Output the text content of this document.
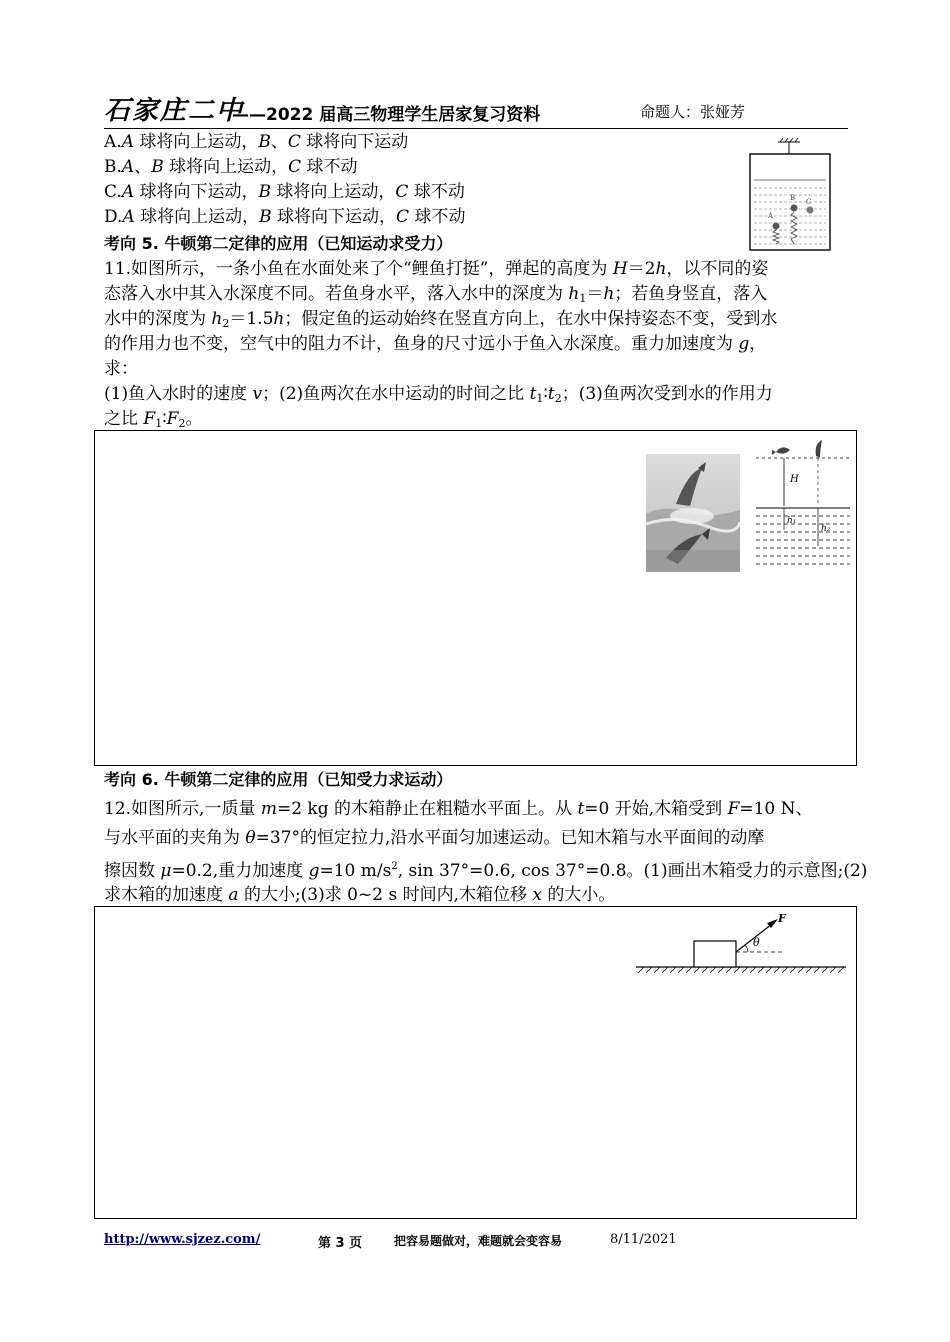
石家庄二中
——2022 届高三物理学生居家复习资料	命题人：张娅芳
A.A 球将向上运动，B、C 球将向下运动
B.A、B 球将向上运动，C 球不动
C.A 球将向下运动，B 球将向上运动，C 球不动
D.A 球将向上运动，B 球将向下运动，C 球不动	A
B C
考向 5. 牛顿第二定律的应用（已知运动求受力）
11.如图所示，一条小鱼在水面处来了个“鲤鱼打挺”，弹起的高度为 H＝2h，以不同的姿
态落入水中其入水深度不同。若鱼身水平，落入水中的深度为 $h_1=h$；若鱼身竖直，落入
水中的深度为 $h_2=1.5h$；假定鱼的运动始终在竖直方向上，在水中保持姿态不变，受到水
的作用力也不变，空气中的阻力不计，鱼身的尺寸远小于鱼入水深度。重力加速度为 g，
求：
(1)鱼入水时的速度 v；(2)鱼两次在水中运动的时间之比 $t_1∶t_2$；(3)鱼两次受到水的作用力
之比 $F_1∶F_2$。
H
h₁
h₂
考向 6. 牛顿第二定律的应用（已知受力求运动）
12.如图所示,一质量 m=2 kg 的木箱静止在粗糙水平面上。从 t=0 开始,木箱受到 F=10 N、
与水平面的夹角为 θ=37°的恒定拉力,沿水平面匀加速运动。已知木箱与水平面间的动摩
擦因数 μ=0.2,重力加速度 g=10 $m/s^2$, sin 37°=0.6, cos 37°=0.8。(1)画出木箱受力的示意图;(2)
求木箱的加速度 a 的大小;(3)求 0~2 s 时间内,木箱位移 x 的大小。
F
θ
http://www.sjzez.com/	第 3 页	把容易题做对，难题就会变容易	8/11/2021
